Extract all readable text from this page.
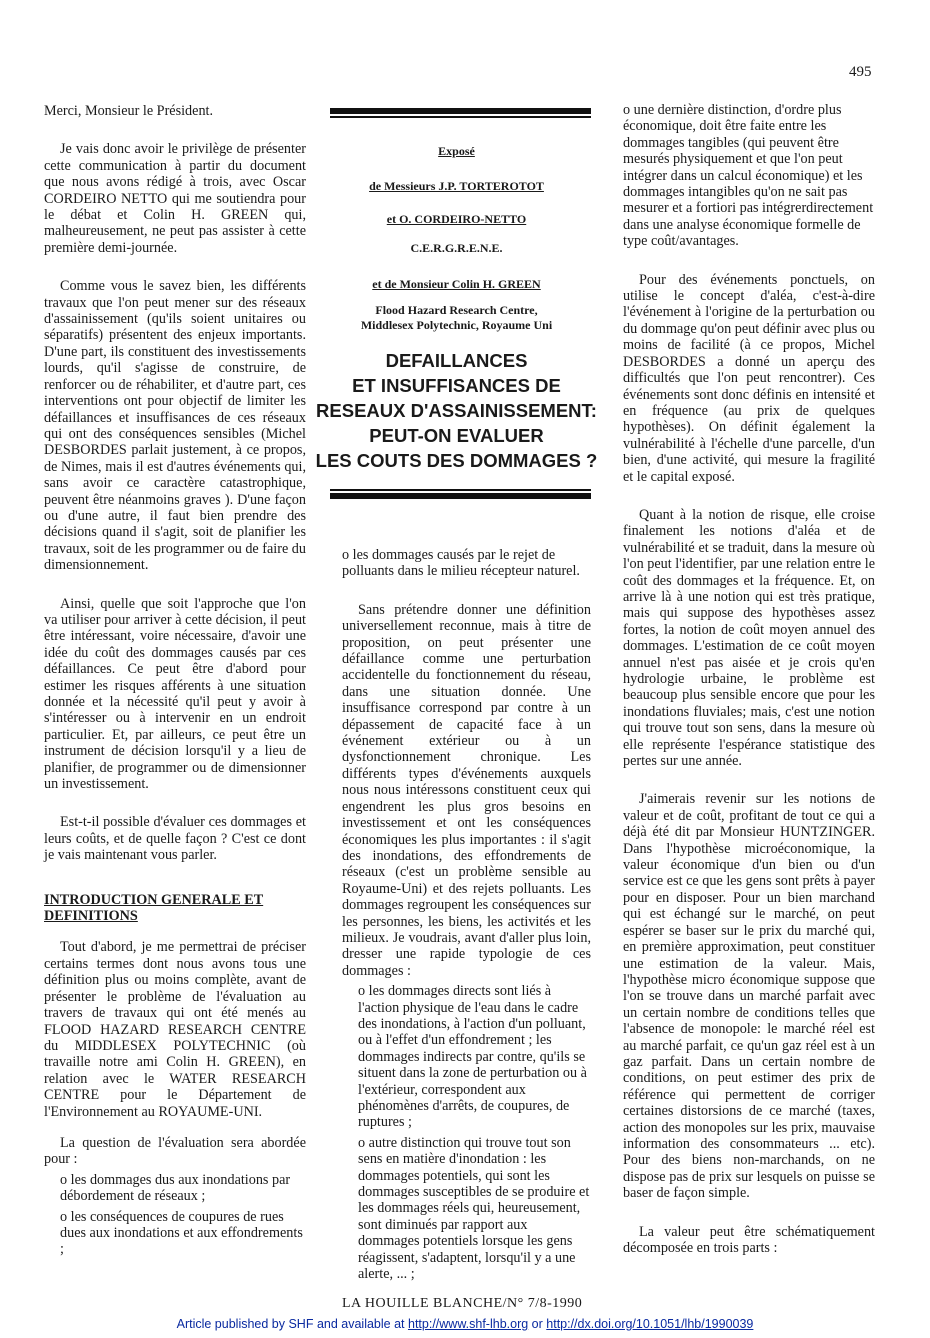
495

Merci, Monsieur le Président.

Je vais donc avoir le privilège de présenter cette communication à partir du document que nous avons rédigé à trois, avec Oscar CORDEIRO NETTO qui me soutiendra pour le débat et Colin H. GREEN qui, malheureusement, ne peut pas assister à cette première demi-journée.

Comme vous le savez bien, les différents travaux que l'on peut mener sur des réseaux d'assainissement (qu'ils soient unitaires ou séparatifs) présentent des enjeux importants. D'une part, ils constituent des investissements lourds, qu'il s'agisse de construire, de renforcer ou de réhabiliter, et d'autre part, ces interventions ont pour objectif de limiter les défaillances et insuffisances de ces réseaux qui ont des conséquences sensibles (Michel DESBORDES parlait justement, à ce propos, de Nimes, mais il est d'autres événements qui, sans avoir ce caractère catastrophique, peuvent être néanmoins graves ). D'une façon ou d'une autre, il faut bien prendre des décisions quand il s'agit, soit de planifier les travaux, soit de les programmer ou de faire du dimensionnement.

Ainsi, quelle que soit l'approche que l'on va utiliser pour arriver à cette décision, il peut être intéressant, voire nécessaire, d'avoir une idée du coût des dommages causés par ces défaillances. Ce peut être d'abord pour estimer les risques afférents à une situation donnée et la nécessité qu'il peut y avoir à s'intéresser ou à intervenir en un endroit particulier. Et, par ailleurs, ce peut être un instrument de décision lorsqu'il y a lieu de planifier, de programmer ou de dimensionner un investissement.

Est-t-il possible d'évaluer ces dommages et leurs coûts, et de quelle façon ? C'est ce dont je vais maintenant vous parler.

INTRODUCTION GENERALE ET DEFINITIONS

Tout d'abord, je me permettrai de préciser certains termes dont nous avons tous une définition plus ou moins complète, avant de présenter le problème de l'évaluation au travers de travaux qui ont été menés au FLOOD HAZARD RESEARCH CENTRE du MIDDLESEX POLYTECHNIC (où travaille notre ami Colin H. GREEN), en relation avec le WATER RESEARCH CENTRE pour le Département de l'Environnement au ROYAUME-UNI.

La question de l'évaluation sera abordée pour :

o les dommages dus aux inondations par débordement de réseaux ;

o les conséquences de coupures de rues dues aux inondations et aux effondrements ;

Exposé

de Messieurs J.P. TORTEROTOT

et O. CORDEIRO-NETTO

C.E.R.G.R.E.N.E.

et de Monsieur Colin H. GREEN

Flood Hazard Research Centre,

Middlesex Polytechnic, Royaume Uni

DEFAILLANCES
ET INSUFFISANCES DE
RESEAUX D'ASSAINISSEMENT:
PEUT-ON EVALUER
LES COUTS DES DOMMAGES ?

o les dommages causés par le rejet de polluants dans le milieu récepteur naturel.

Sans prétendre donner une définition universellement reconnue, mais à titre de proposition, on peut présenter une défaillance comme une perturbation accidentelle du fonctionnement du réseau, dans une situation donnée. Une insuffisance correspond par contre à un dépassement de capacité face à un événement extérieur ou à un dysfonctionnement chronique. Les différents types d'événements auxquels nous nous intéressons constituent ceux qui engendrent les plus gros besoins en investissement et ont les conséquences économiques les plus importantes : il s'agit des inondations, des effondrements de réseaux (c'est un problème sensible au Royaume-Uni) et des rejets polluants. Les dommages regroupent les conséquences sur les personnes, les biens, les activités et les milieux. Je voudrais, avant d'aller plus loin, dresser une rapide typologie de ces dommages :

o les dommages directs sont liés à l'action physique de l'eau dans le cadre des inondations, à l'action d'un polluant, ou à l'effet d'un effondrement ; les dommages indirects par contre, qu'ils se situent dans la zone de perturbation ou à l'extérieur, correspondent aux phénomènes d'arrêts, de coupures, de ruptures ;

o autre distinction qui trouve tout son sens en matière d'inondation : les dommages potentiels, qui sont les dommages susceptibles de se produire et les dommages réels qui, heureusement, sont diminués par rapport aux dommages potentiels lorsque les gens réagissent, s'adaptent, lorsqu'il y a une alerte, ... ;

LA HOUILLE BLANCHE/N° 7/8-1990

o une dernière distinction, d'ordre plus économique, doit être faite entre les dommages tangibles (qui peuvent être mesurés physiquement et que l'on peut intégrer dans un calcul économique) et les dommages intangibles qu'on ne sait pas mesurer et a fortiori pas intégrerdirectement dans une analyse économique formelle de type coût/avantages.

Pour des événements ponctuels, on utilise le concept d'aléa, c'est-à-dire l'événement à l'origine de la perturbation ou du dommage qu'on peut définir avec plus ou moins de facilité (à ce propos, Michel DESBORDES a donné un aperçu des difficultés que l'on peut rencontrer). Ces événements sont donc définis en intensité et en fréquence (au prix de quelques hypothèses). On définit également la vulnérabilité à l'échelle d'une parcelle, d'un bien, d'une activité, qui mesure la fragilité et le capital exposé.

Quant à la notion de risque, elle croise finalement les notions d'aléa et de vulnérabilité et se traduit, dans la mesure où l'on peut l'identifier, par une relation entre le coût des dommages et la fréquence. Et, on arrive là à une notion qui est très pratique, mais qui suppose des hypothèses assez fortes, la notion de coût moyen annuel des dommages. L'estimation de ce coût moyen annuel n'est pas aisée et je crois qu'en hydrologie urbaine, le problème est beaucoup plus sensible encore que pour les inondations fluviales; mais, c'est une notion qui trouve tout son sens, dans la mesure où elle représente l'espérance statistique des pertes sur une année.

J'aimerais revenir sur les notions de valeur et de coût, profitant de tout ce qui a déjà été dit par Monsieur HUNTZINGER. Dans l'hypothèse microéconomique, la valeur économique d'un bien ou d'un service est ce que les gens sont prêts à payer pour en disposer. Pour un bien marchand qui est échangé sur le marché, on peut espérer se baser sur le prix du marché qui, en première approximation, peut constituer une estimation de la valeur. Mais, l'hypothèse micro économique suppose que l'on se trouve dans un marché parfait avec un certain nombre de conditions telles que l'absence de monopole: le marché réel est au marché parfait, ce qu'un gaz réel est à un gaz parfait. Dans un certain nombre de conditions, on peut estimer des prix de référence qui permettent de corriger certaines distorsions de ce marché (taxes, action des monopoles sur les prix, mauvaise information des consommateurs ... etc). Pour des biens non-marchands, on ne dispose pas de prix sur lesquels on puisse se baser de façon simple.

La valeur peut être schématiquement décomposée en trois parts :

Article published by SHF and available at http://www.shf-lhb.org or http://dx.doi.org/10.1051/lhb/1990039
